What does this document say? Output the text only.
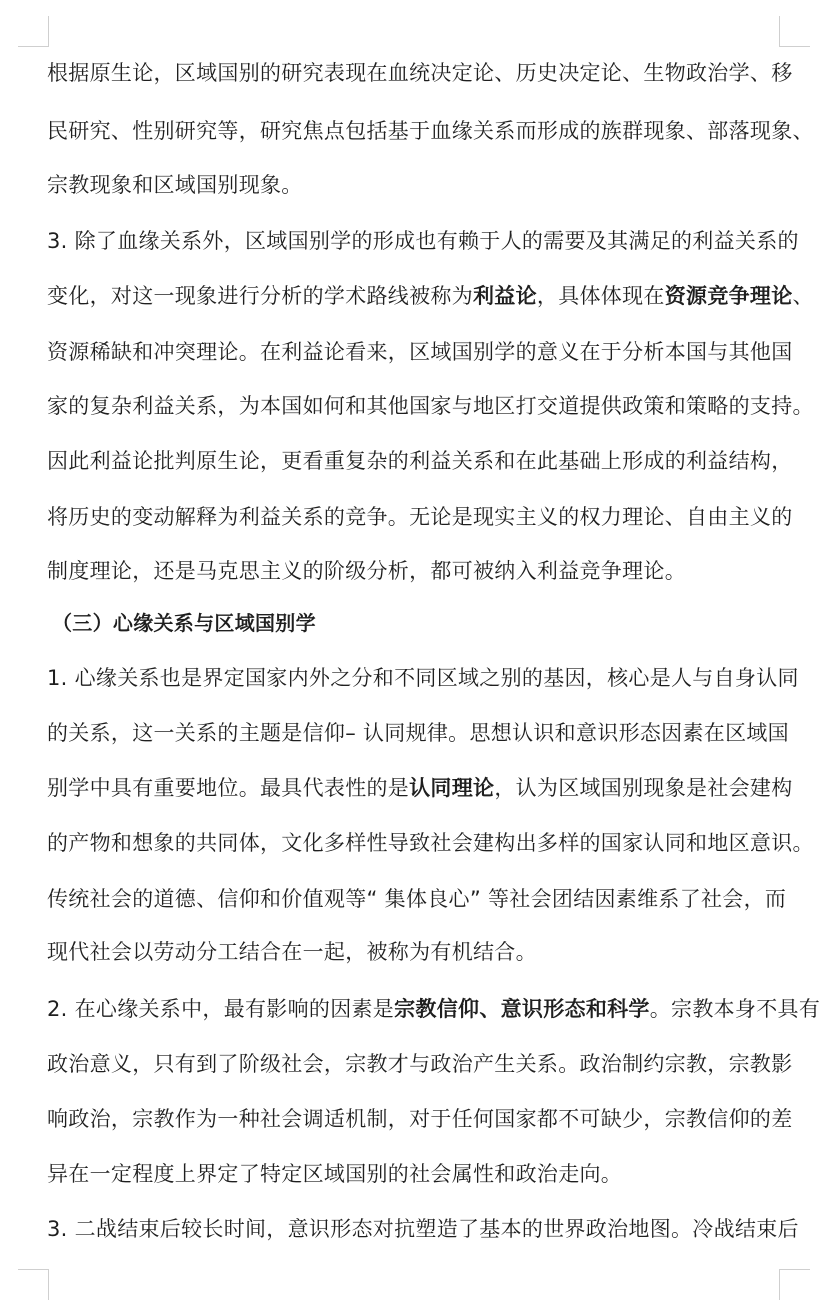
根据原生论，区域国别的研究表现在血统决定论、历史决定论、生物政治学、移
民研究、性别研究等，研究焦点包括基于血缘关系而形成的族群现象、部落现象、
宗教现象和区域国别现象。
3. 除了血缘关系外，区域国别学的形成也有赖于人的需要及其满足的利益关系的
变化，对这一现象进行分析的学术路线被称为利益论，具体体现在资源竞争理论、
资源稀缺和冲突理论。在利益论看来，区域国别学的意义在于分析本国与其他国
家的复杂利益关系，为本国如何和其他国家与地区打交道提供政策和策略的支持。
因此利益论批判原生论，更看重复杂的利益关系和在此基础上形成的利益结构，
将历史的变动解释为利益关系的竞争。无论是现实主义的权力理论、自由主义的
制度理论，还是马克思主义的阶级分析，都可被纳入利益竞争理论。
（三）心缘关系与区域国别学
1. 心缘关系也是界定国家内外之分和不同区域之别的基因，核心是人与自身认同
的关系，这一关系的主题是信仰– 认同规律。思想认识和意识形态因素在区域国
别学中具有重要地位。最具代表性的是认同理论，认为区域国别现象是社会建构
的产物和想象的共同体，文化多样性导致社会建构出多样的国家认同和地区意识。
传统社会的道德、信仰和价值观等“ 集体良心” 等社会团结因素维系了社会，而
现代社会以劳动分工结合在一起，被称为有机结合。
2. 在心缘关系中，最有影响的因素是宗教信仰、意识形态和科学。宗教本身不具有
政治意义，只有到了阶级社会，宗教才与政治产生关系。政治制约宗教，宗教影
响政治，宗教作为一种社会调适机制，对于任何国家都不可缺少，宗教信仰的差
异在一定程度上界定了特定区域国别的社会属性和政治走向。
3. 二战结束后较长时间，意识形态对抗塑造了基本的世界政治地图。冷战结束后
